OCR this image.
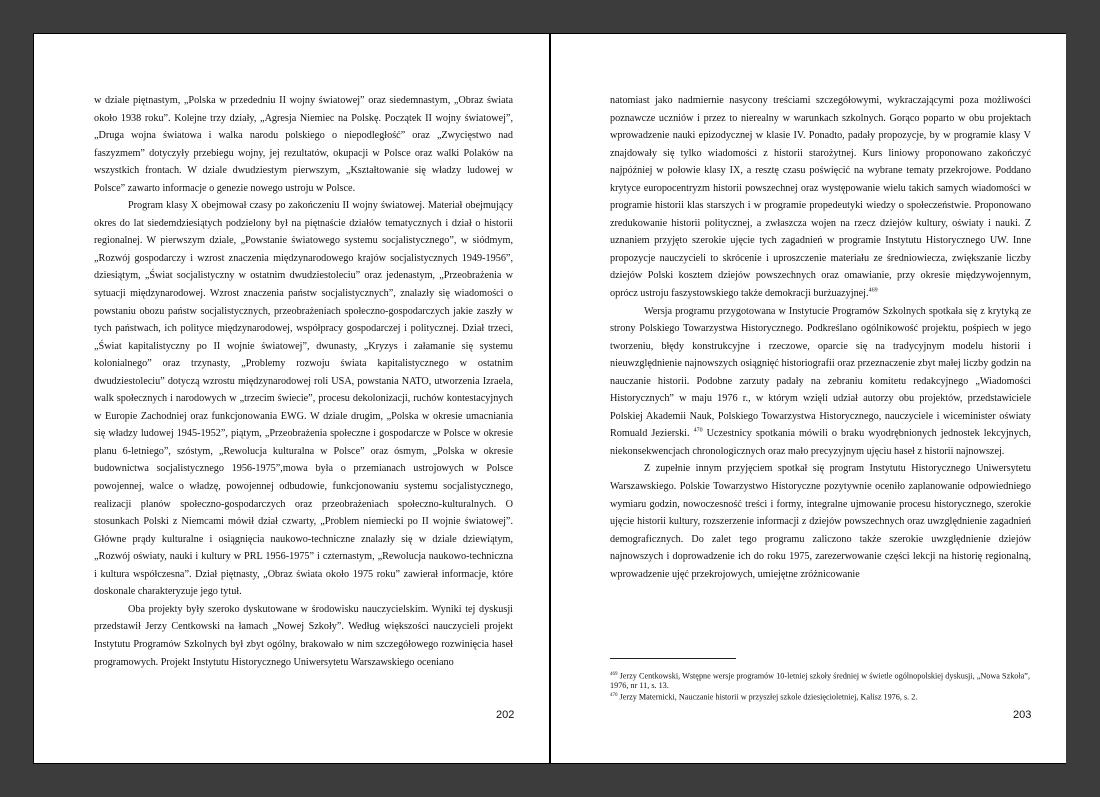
w dziale piętnastym, „Polska w przededniu II wojny światowej” oraz siedemnastym, „Obraz świata około 1938 roku”. Kolejne trzy działy, „Agresja Niemiec na Polskę. Początek II wojny światowej”, „Druga wojna światowa i walka narodu polskiego o niepodległość” oraz „Zwycięstwo nad faszyzmem” dotyczyły przebiegu wojny, jej rezultatów, okupacji w Polsce oraz walki Polaków na wszystkich frontach. W dziale dwudziestym pierwszym, „Kształtowanie się władzy ludowej w Polsce” zawarto informacje o genezie nowego ustroju w Polsce.

Program klasy X obejmował czasy po zakończeniu II wojny światowej. Materiał obejmujący okres do lat siedemdziesiątych podzielony był na piętnaście działów tematycznych i dział o historii regionalnej. W pierwszym dziale, „Powstanie światowego systemu socjalistycznego”, w siódmym, „Rozwój gospodarczy i wzrost znaczenia międzynarodowego krajów socjalistycznych 1949-1956”, dziesiątym, „Świat socjalistyczny w ostatnim dwudziestoleciu” oraz jedenastym, „Przeobrażenia w sytuacji międzynarodowej. Wzrost znaczenia państw socjalistycznych”, znalazły się wiadomości o powstaniu obozu państw socjalistycznych, przeobrażeniach społeczno-gospodarczych jakie zaszły w tych państwach, ich polityce międzynarodowej, współpracy gospodarczej i politycznej. Dział trzeci, „Świat kapitalistyczny po II wojnie światowej”, dwunasty, „Kryzys i załamanie się systemu kolonialnego” oraz trzynasty, „Problemy rozwoju świata kapitalistycznego w ostatnim dwudziestoleciu” dotyczą wzrostu międzynarodowej roli USA, powstania NATO, utworzenia Izraela, walk społecznych i narodowych w „trzecim świecie”, procesu dekolonizacji, ruchów kontestacyjnych w Europie Zachodniej oraz funkcjonowania EWG. W dziale drugim, „Polska w okresie umacniania się władzy ludowej 1945-1952”, piątym, „Przeobrażenia społeczne i gospodarcze w Polsce w okresie planu 6-letniego”, szóstym, „Rewolucja kulturalna w Polsce” oraz ósmym, „Polska w okresie budownictwa socjalistycznego 1956-1975”,mowa była o przemianach ustrojowych w Polsce powojennej, walce o władzę, powojennej odbudowie, funkcjonowaniu systemu socjalistycznego, realizacji planów społeczno-gospodarczych oraz przeobrażeniach społeczno-kulturalnych. O stosunkach Polski z Niemcami mówił dział czwarty, „Problem niemiecki po II wojnie światowej”. Główne prądy kulturalne i osiągnięcia naukowo-techniczne znalazły się w dziale dziewiątym, „Rozwój oświaty, nauki i kultury w PRL 1956-1975” i czternastym, „Rewolucja naukowo-techniczna i kultura współczesna”. Dział piętnasty, „Obraz świata około 1975 roku” zawierał informacje, które doskonale charakteryzuje jego tytuł.

Oba projekty były szeroko dyskutowane w środowisku nauczycielskim. Wyniki tej dyskusji przedstawił Jerzy Centkowski na łamach „Nowej Szkoły”. Według większości nauczycieli projekt Instytutu Programów Szkolnych był zbyt ogólny, brakowało w nim szczegółowego rozwinięcia haseł programowych. Projekt Instytutu Historycznego Uniwersytetu Warszawskiego oceniano

202

natomiast jako nadmiernie nasycony treściami szczegółowymi, wykraczającymi poza możliwości poznawcze uczniów i przez to nierealny w warunkach szkolnych. Gorąco poparto w obu projektach wprowadzenie nauki epizodycznej w klasie IV. Ponadto, padały propozycje, by w programie klasy V znajdowały się tylko wiadomości z historii starożytnej. Kurs liniowy proponowano zakończyć najpóźniej w połowie klasy IX, a resztę czasu poświęcić na wybrane tematy przekrojowe. Poddano krytyce europocentryzm historii powszechnej oraz występowanie wielu takich samych wiadomości w programie historii klas starszych i w programie propedeutyki wiedzy o społeczeństwie. Proponowano zredukowanie historii politycznej, a zwłaszcza wojen na rzecz dziejów kultury, oświaty i nauki. Z uznaniem przyjęto szerokie ujęcie tych zagadnień w programie Instytutu Historycznego UW. Inne propozycje nauczycieli to skrócenie i uproszczenie materiału ze średniowiecza, zwiększanie liczby dziejów Polski kosztem dziejów powszechnych oraz omawianie, przy okresie międzywojennym, oprócz ustroju faszystowskiego także demokracji burżuazyjnej.$^{469}$

Wersja programu przygotowana w Instytucie Programów Szkolnych spotkała się z krytyką ze strony Polskiego Towarzystwa Historycznego. Podkreślano ogólnikowość projektu, pośpiech w jego tworzeniu, błędy konstrukcyjne i rzeczowe, oparcie się na tradycyjnym modelu historii i nieuwzględnienie najnowszych osiągnięć historiografii oraz przeznaczenie zbyt małej liczby godzin na nauczanie historii. Podobne zarzuty padały na zebraniu komitetu redakcyjnego „Wiadomości Historycznych” w maju 1976 r., w którym wzięli udział autorzy obu projektów, przedstawiciele Polskiej Akademii Nauk, Polskiego Towarzystwa Historycznego, nauczyciele i wiceminister oświaty Romuald Jezierski. $^{470}$ Uczestnicy spotkania mówili o braku wyodrębnionych jednostek lekcyjnych, niekonsekwencjach chronologicznych oraz mało precyzyjnym ujęciu haseł z historii najnowszej.

Z zupełnie innym przyjęciem spotkał się program Instytutu Historycznego Uniwersytetu Warszawskiego. Polskie Towarzystwo Historyczne pozytywnie oceniło zaplanowanie odpowiedniego wymiaru godzin, nowoczesność treści i formy, integralne ujmowanie procesu historycznego, szerokie ujęcie historii kultury, rozszerzenie informacji z dziejów powszechnych oraz uwzględnienie zagadnień demograficznych. Do zalet tego programu zaliczono także szerokie uwzględnienie dziejów najnowszych i doprowadzenie ich do roku 1975, zarezerwowanie części lekcji na historię regionalną, wprowadzenie ujęć przekrojowych, umiejętne zróżnicowanie

$^{469}$ Jerzy Centkowski, Wstępne wersje programów 10-letniej szkoły średniej w świetle ogólnopolskiej dyskusji, „Nowa Szkoła”, 1976, nr 11, s. 13.

$^{470}$ Jerzy Maternicki, Nauczanie historii w przyszłej szkole dziesięcioletniej, Kalisz 1976, s. 2.

203
